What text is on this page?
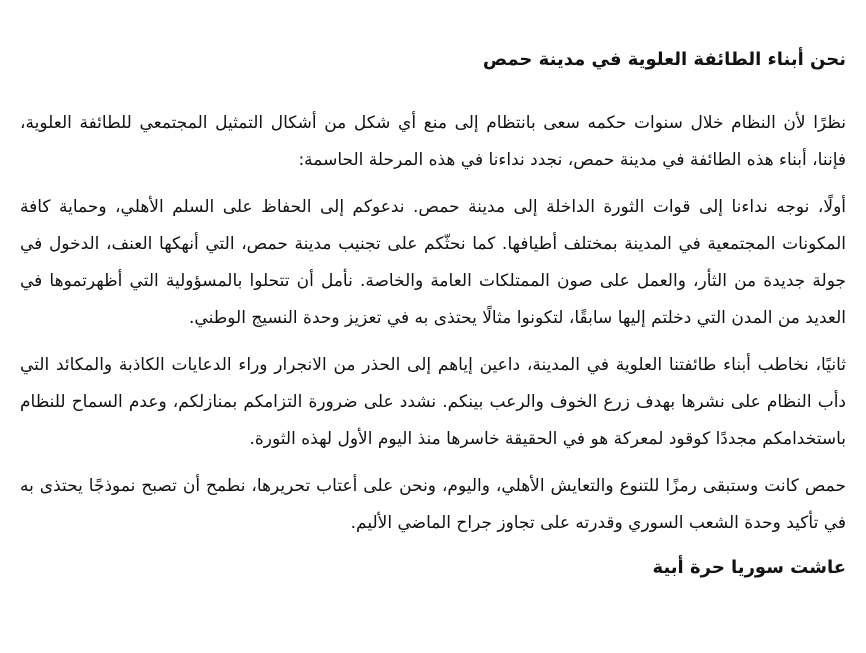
نحن أبناء الطائفة العلوية في مدينة حمص

نظرًا لأن النظام خلال سنوات حكمه سعى بانتظام إلى منع أي شكل من أشكال التمثيل المجتمعي للطائفة العلوية، فإننا، أبناء هذه الطائفة في مدينة حمص، نجدد نداءنا في هذه المرحلة الحاسمة:

أولًا، نوجه نداءنا إلى قوات الثورة الداخلة إلى مدينة حمص. ندعوكم إلى الحفاظ على السلم الأهلي، وحماية كافة المكونات المجتمعية في المدينة بمختلف أطيافها. كما نحثّكم على تجنيب مدينة حمص، التي أنهكها العنف، الدخول في جولة جديدة من الثأر، والعمل على صون الممتلكات العامة والخاصة. نأمل أن تتحلوا بالمسؤولية التي أظهرتموها في العديد من المدن التي دخلتم إليها سابقًا، لتكونوا مثالًا يحتذى به في تعزيز وحدة النسيج الوطني.

ثانيًا، نخاطب أبناء طائفتنا العلوية في المدينة، داعين إياهم إلى الحذر من الانجرار وراء الدعايات الكاذبة والمكائد التي دأب النظام على نشرها بهدف زرع الخوف والرعب بينكم. نشدد على ضرورة التزامكم بمنازلكم، وعدم السماح للنظام باستخدامكم مجددًا كوقود لمعركة هو في الحقيقة خاسرها منذ اليوم الأول لهذه الثورة.

حمص كانت وستبقى رمزًا للتنوع والتعايش الأهلي، واليوم، ونحن على أعتاب تحريرها، نطمح أن تصبح نموذجًا يحتذى به في تأكيد وحدة الشعب السوري وقدرته على تجاوز جراح الماضي الأليم.

عاشت سوريا حرة أبية
